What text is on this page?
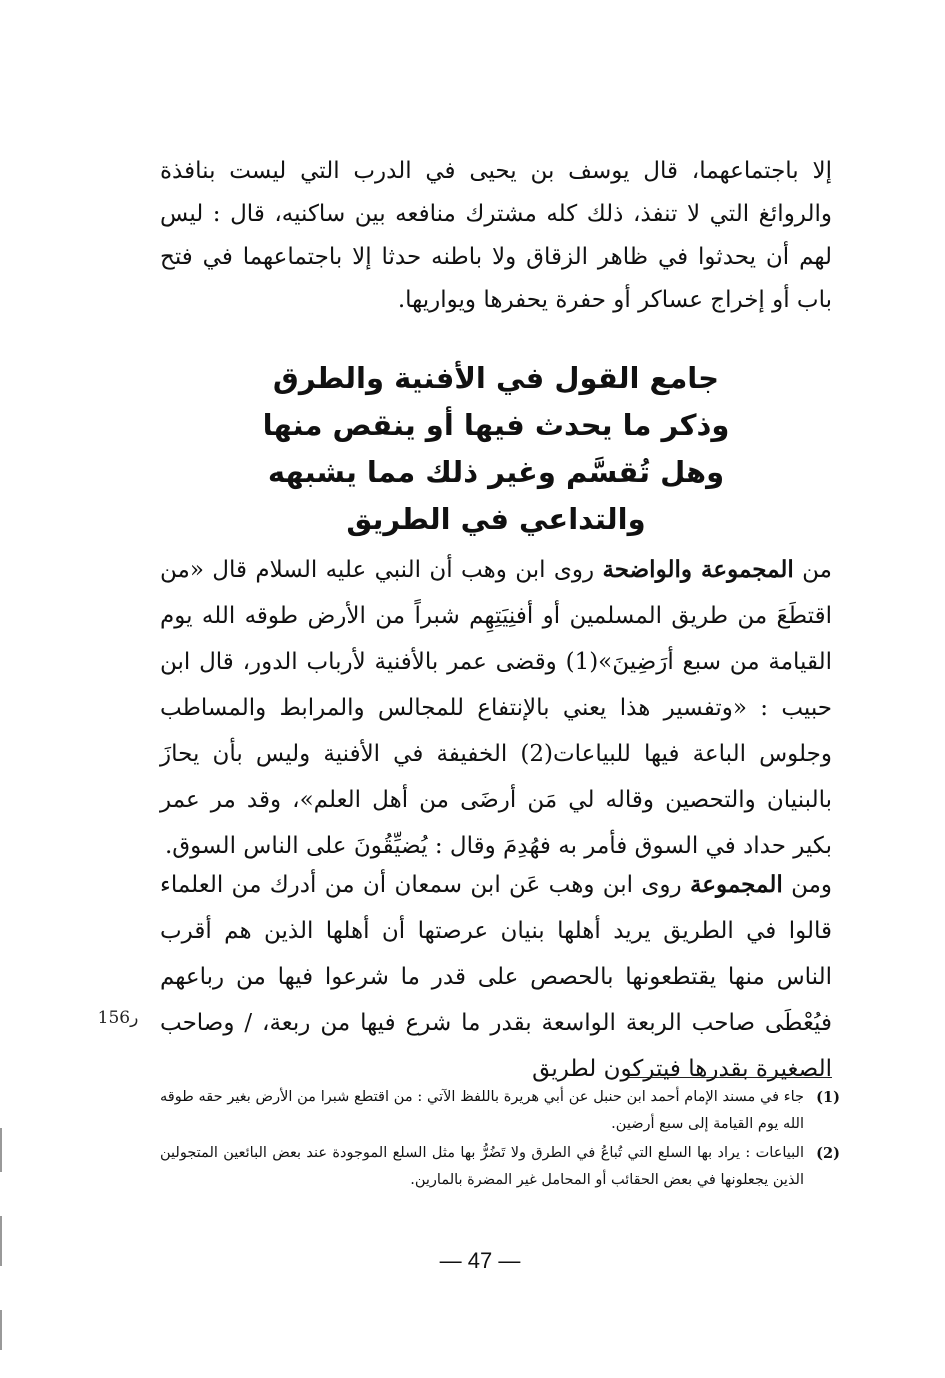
إلا باجتماعهما، قال يوسف بن يحيى في الدرب التي ليست بنافذة والروائغ التي لا تنفذ، ذلك كله مشترك منافعه بين ساكنيه، قال : ليس لهم أن يحدثوا في ظاهر الزقاق ولا باطنه حدثا إلا باجتماعهما في فتح باب أو إخراج عساكر أو حفرة يحفرها ويواريها.

جامع القول في الأفنية والطرق
وذكر ما يحدث فيها أو ينقص منها
وهل تُقسَّم وغير ذلك مما يشبهه
والتداعي في الطريق

من المجموعة والواضحة روى ابن وهب أن النبي عليه السلام قال «من اقتطَعَ من طريق المسلمين أو أفنِيَتِهِم شبراً من الأرض طوقه الله يوم القيامة من سبع أرَضِينَ»(1) وقضى عمر بالأفنية لأرباب الدور، قال ابن حبيب : «وتفسير هذا يعني بالإنتفاع للمجالس والمرابط والمساطب وجلوس الباعة فيها للبياعات(2) الخفيفة في الأفنية وليس بأن يحازَ بالبنيان والتحصين وقاله لي مَن أرضَى من أهل العلم»، وقد مر عمر بكير حداد في السوق فأمر به فهُدِمَ وقال : يُضيِّقُونَ على الناس السوق.

ومن المجموعة روى ابن وهب عَن ابن سمعان أن من أدرك من العلماء قالوا في الطريق يريد أهلها بنيان عرصتها أن أهلها الذين هم أقرب الناس منها يقتطعونها بالحصص على قدر ما شرعوا فيها من رباعهم فيُعْطَى صاحب الربعة الواسعة بقدر ما شرع فيها من ربعة، / وصاحب الصغيرة بقدرها فيتركون لطريق

156ر
(1)
جاء في مسند الإمام أحمد ابن حنبل عن أبي هريرة باللفظ الآتي : من اقتطع شبرا من الأرض بغير حقه طوقه الله يوم القيامة إلى سبع أرضين.
(2)
البياعات : يراد بها السلع التي تُباعُ في الطرق ولا تَضُرُّ بها مثل السلع الموجودة عند بعض البائعين المتجولين الذين يجعلونها في بعض الحقائب أو المحامل غير المضرة بالمارين.
— 47 —
